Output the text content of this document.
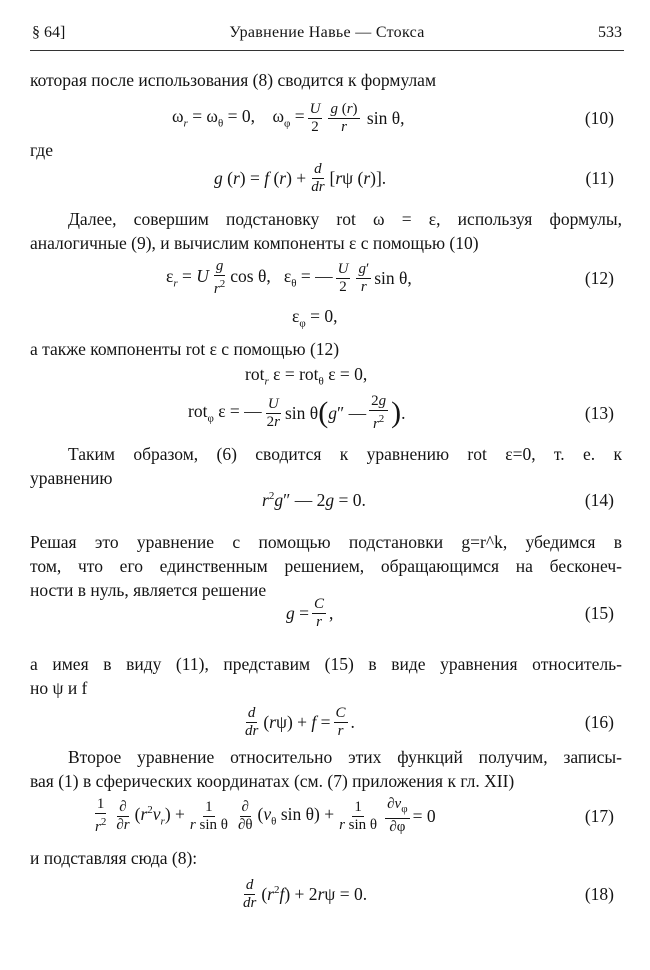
§ 64]	Уравнение Навье — Стокса	533
которая после использования (8) сводится к формулам
$\omega_r = \omega_\theta = 0$,    $\omega_\varphi = \frac{U}{2} \frac{g (r)}{r}$ sin θ,	(10)
где
g (r) = f $(r) + \frac{d}{dr} [r\psi$ (r)].	(11)
Далее, совершим подстановку rot ω = ε, используя формулы,
аналогичные (9), и вычислим компоненты ε с помощью (10)
$\varepsilon_r = U \frac{g}{r^2}$ cos θ,   $\varepsilon_\theta$ = — $\frac{U}{2} \frac{g'}{r}$ sin θ,	(12)
$\varepsilon_\varphi = 0$,
а также компоненты rot ε с помощью (12)
rot$_r$ ε = rot$_\theta$ ε = 0,
rot$_\varphi$ ε = — $\frac{U}{2r}$ sin θ ( g″ — $\frac{2g}{r^2}$ ) .	(13)
Таким образом, (6) сводится к уравнению rot ε=0, т. е. к
уравнению
$r^2g''$ — 2g = 0.	(14)
Решая это уравнение с помощью подстановки g=r^k, убедимся в
том, что его единственным решением, обращающимся на бесконеч-
ности в нуль, является решение
$g = \frac{C}{r}$ ,	(15)
а имея в виду (11), представим (15) в виде уравнения относитель-
но ψ и f
$\frac{d}{dr} (r\psi) + f = \frac{C}{r}$ .	(16)
Второе уравнение относительно этих функций получим, записы-
вая (1) в сферических координатах (см. (7) приложения к гл. XII)
$\frac{1}{r^2} \frac{\partial}{\partial r} (r^2v_r) + \frac{1}{\text{r sin θ}} \frac{\partial}{\partial\theta} (v_\theta$ $\sin \theta) + \frac{1}{\text{r sin θ}} \frac{\partial v_\varphi}{\partial\varphi} = 0$	(17)
и подставляя сюда (8):
$\frac{d}{dr} (r^2f) + 2r\psi = 0$.	(18)
